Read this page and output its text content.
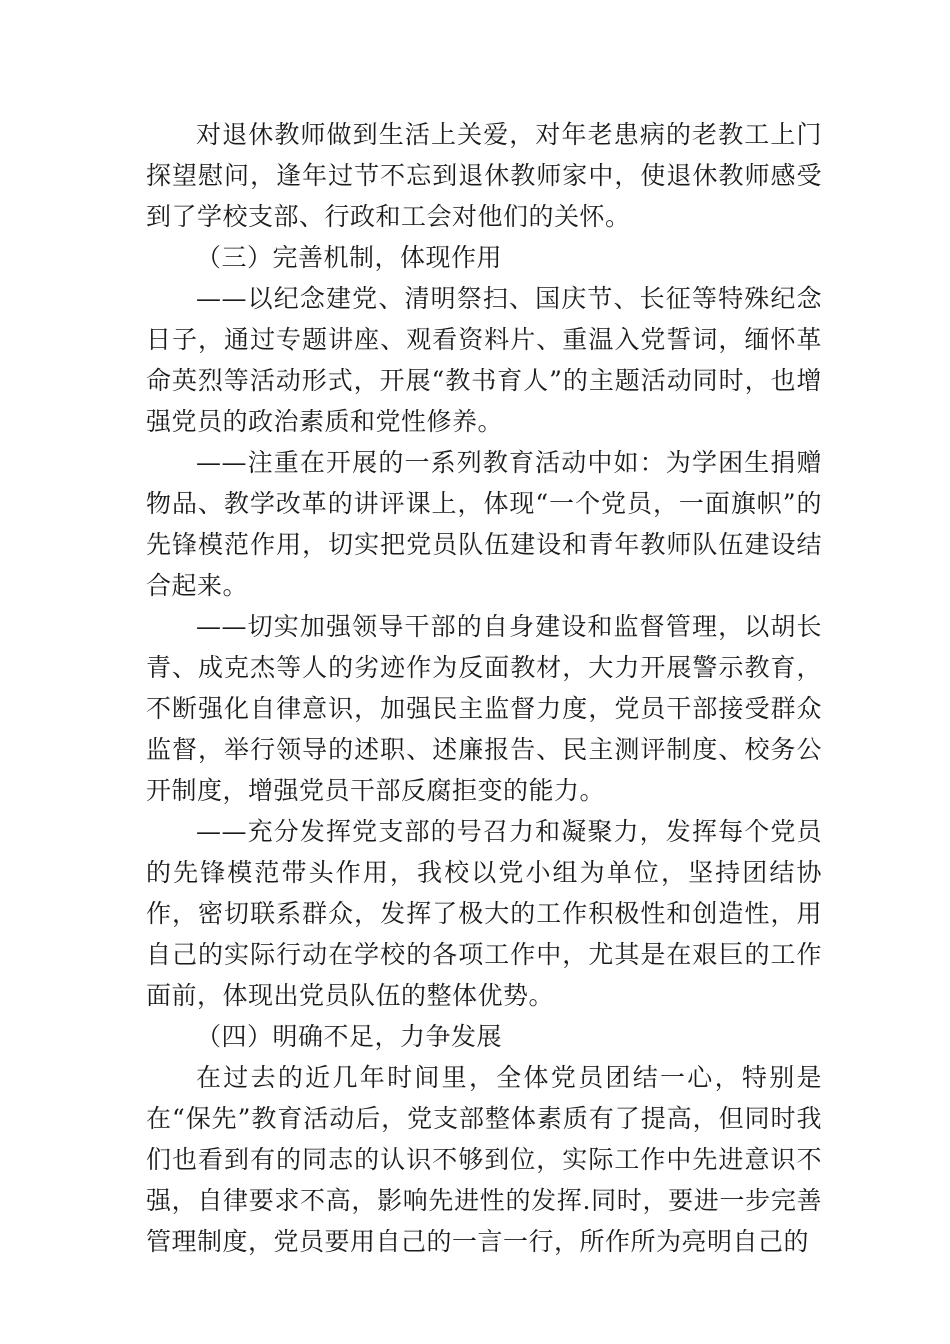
对退休教师做到生活上关爱，对年老患病的老教工上门探望慰问，逢年过节不忘到退休教师家中，使退休教师感受到了学校支部、行政和工会对他们的关怀。

（三）完善机制，体现作用

——以纪念建党、清明祭扫、国庆节、长征等特殊纪念日子，通过专题讲座、观看资料片、重温入党誓词，缅怀革命英烈等活动形式，开展“教书育人”的主题活动同时，也增强党员的政治素质和党性修养。

——注重在开展的一系列教育活动中如：为学困生捐赠物品、教学改革的讲评课上，体现“一个党员，一面旗帜”的先锋模范作用，切实把党员队伍建设和青年教师队伍建设结合起来。

——切实加强领导干部的自身建设和监督管理，以胡长青、成克杰等人的劣迹作为反面教材，大力开展警示教育，不断强化自律意识，加强民主监督力度，党员干部接受群众监督，举行领导的述职、述廉报告、民主测评制度、校务公开制度，增强党员干部反腐拒变的能力。

——充分发挥党支部的号召力和凝聚力，发挥每个党员的先锋模范带头作用，我校以党小组为单位，坚持团结协作，密切联系群众，发挥了极大的工作积极性和创造性，用自己的实际行动在学校的各项工作中，尤其是在艰巨的工作面前，体现出党员队伍的整体优势。

（四）明确不足，力争发展

在过去的近几年时间里，全体党员团结一心，特别是在“保先”教育活动后，党支部整体素质有了提高，但同时我们也看到有的同志的认识不够到位，实际工作中先进意识不强，自律要求不高，影响先进性的发挥.同时，要进一步完善管理制度，党员要用自己的一言一行，所作所为亮明自己的
